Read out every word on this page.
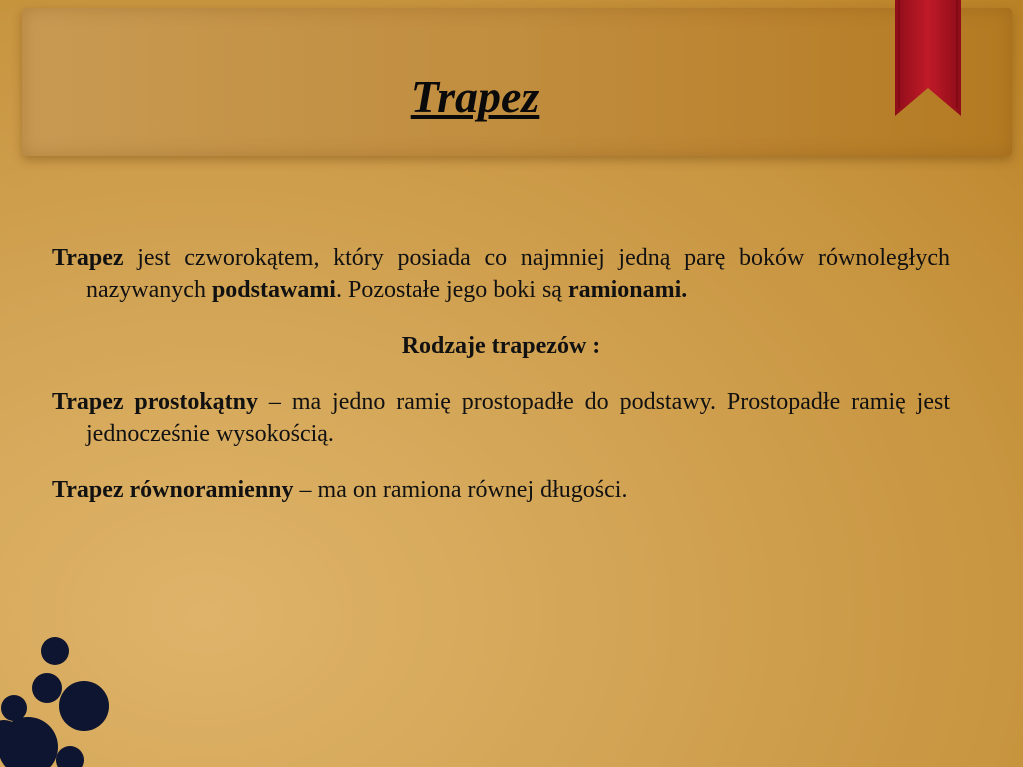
Trapez

Trapez jest czworokątem, który posiada co najmniej jedną parę boków równoległych nazywanych podstawami. Pozostałe jego boki są ramionami.

Rodzaje trapezów :

Trapez prostokątny – ma jedno ramię prostopadłe do podstawy. Prostopadłe ramię jest jednocześnie wysokością.

Trapez równoramienny – ma on ramiona równej długości.
